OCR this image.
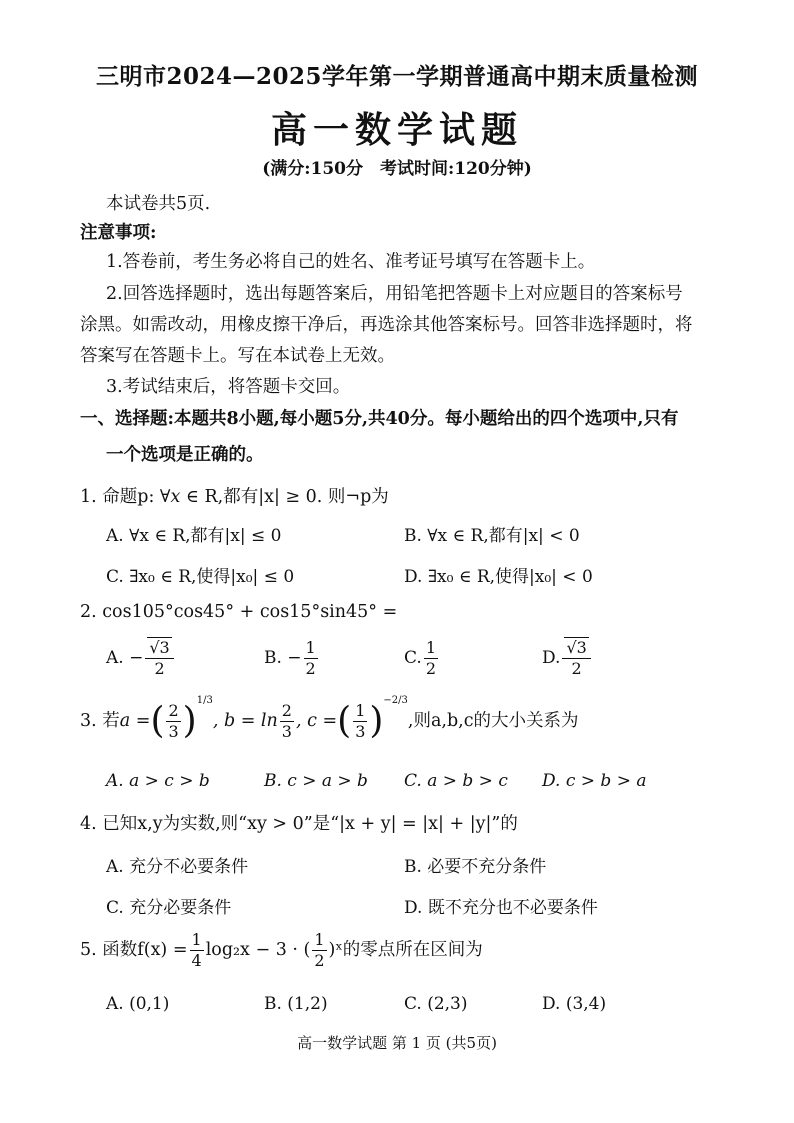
三明市2024—2025学年第一学期普通高中期末质量检测
高一数学试题
(满分:150分　考试时间:120分钟)
本试卷共5页.
注意事项:
1.答卷前，考生务必将自己的姓名、准考证号填写在答题卡上。
2.回答选择题时，选出每题答案后，用铅笔把答题卡上对应题目的答案标号
涂黑。如需改动，用橡皮擦干净后，再选涂其他答案标号。回答非选择题时，将
答案写在答题卡上。写在本试卷上无效。
3.考试结束后，将答题卡交回。
一、选择题:本题共8小题,每小题5分,共40分。每小题给出的四个选项中,只有
一个选项是正确的。
1. 命题p: ∀x ∈ R,都有|x| ≥ 0. 则¬p为
A. ∀x ∈ R,都有|x| ≤ 0	B. ∀x ∈ R,都有|x| < 0
C. ∃x₀ ∈ R,使得|x₀| ≤ 0	D. ∃x₀ ∈ R,使得|x₀| < 0
2. cos105°cos45° + cos15°sin45° =
A. − $\frac{√3}{2}$	B. − $\frac{1}{2}$	C. $\frac{1}{2}$	D. $\frac{√3}{2}$
3. 若a =( $\frac{2}{3} )^{1/3}$, $b = \ln \frac{2}{3}$ , c =( $\frac{1}{3} )^{-2/3}$,则a,b,c的大小关系为
A. a > c > b	B. c > a > b C. a > b > c D. c > b > a
4. 已知x,y为实数,则“xy > 0”是“|x + y| = |x| + |y|”的
A. 充分不必要条件	B. 必要不充分条件
C. 充分必要条件	D. 既不充分也不必要条件
5. 函数$f(x) = \frac{1}{4} \log_2x - 3$ · ( $\frac{1}{2}$ )ˣ的零点所在区间为
A. (0,1)	B. (1,2)	C. (2,3)	D. (3,4)
高一数学试题 第 1 页 (共5页)
